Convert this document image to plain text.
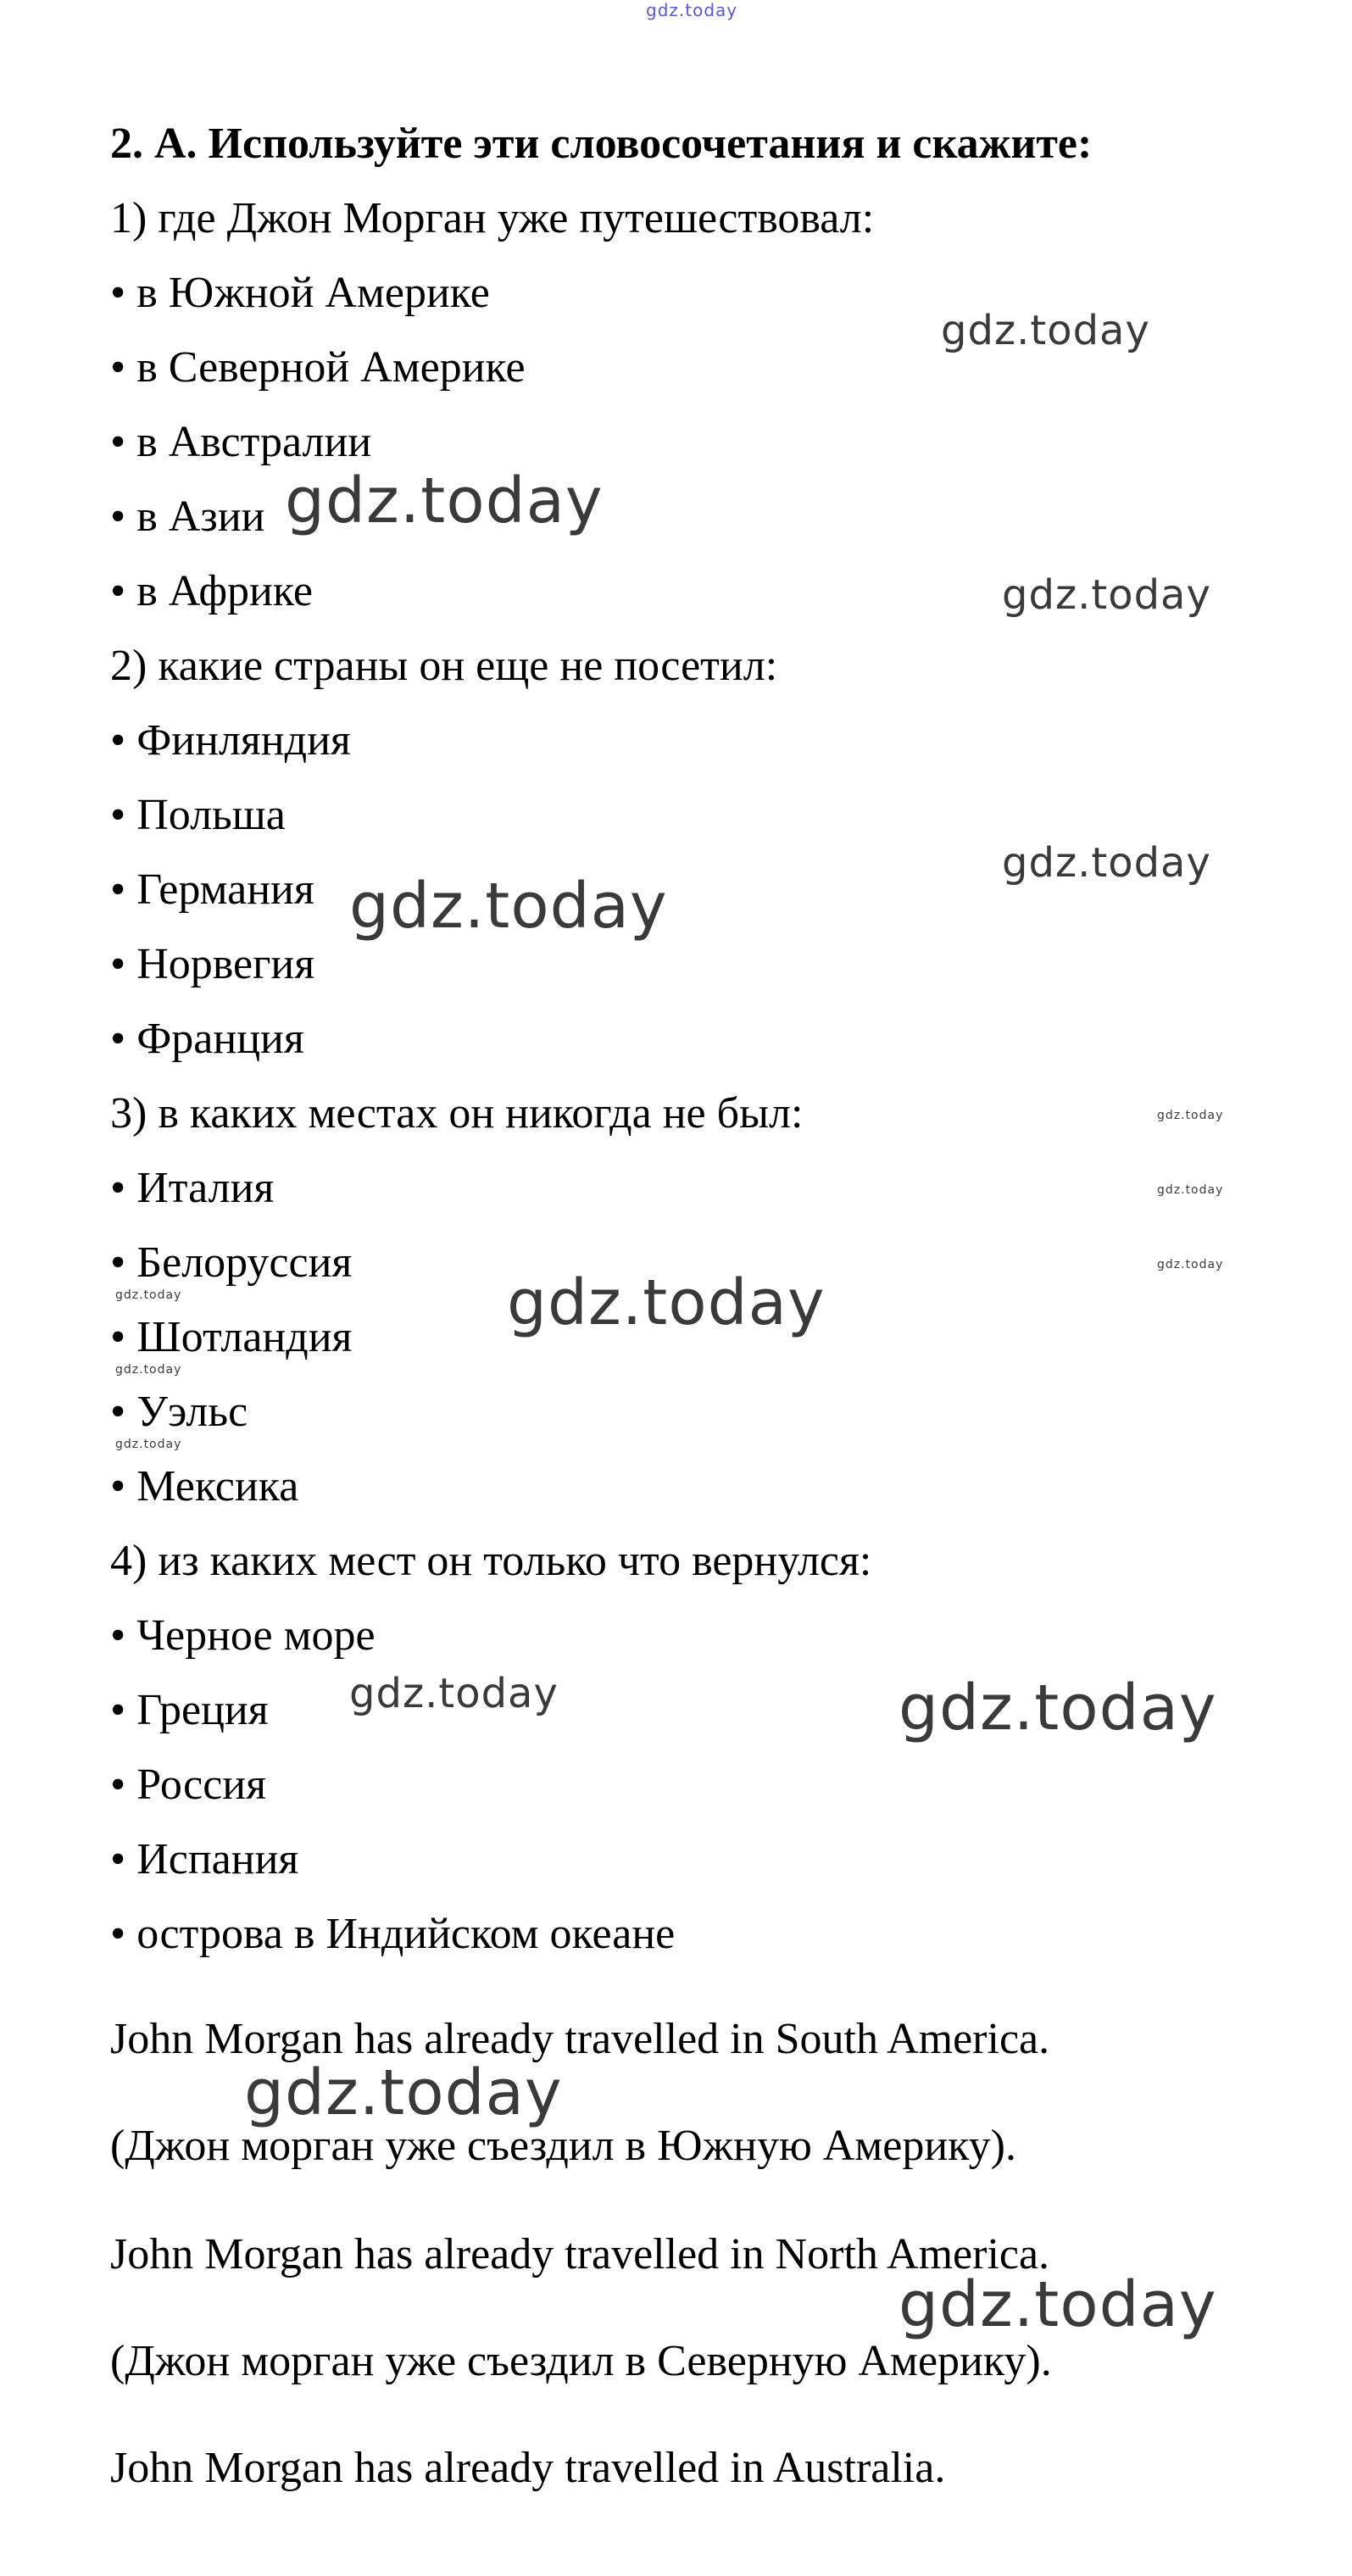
2. А. Используйте эти словосочетания и скажите:
1) где Джон Морган уже путешествовал:
• в Южной Америке
• в Северной Америке
• в Австралии
• в Азии
• в Африке
2) какие страны он еще не посетил:
• Финляндия
• Польша
• Германия
• Норвегия
• Франция
3) в каких местах он никогда не был:
• Италия
• Белоруссия
• Шотландия
• Уэльс
• Мексика
4) из каких мест он только что вернулся:
• Черное море
• Греция
• Россия
• Испания
• острова в Индийском океане
John Morgan has already travelled in South America.
(Джон морган уже съездил в Южную Америку).
John Morgan has already travelled in North America.
(Джон морган уже съездил в Северную Америку).
John Morgan has already travelled in Australia.
gdz.today
gdz.today
gdz.today
gdz.today
gdz.today
gdz.today
gdz.today
gdz.today
gdz.today
gdz.today
gdz.today
gdz.today
gdz.today
gdz.today	gdz.today
gdz.today
gdz.today
